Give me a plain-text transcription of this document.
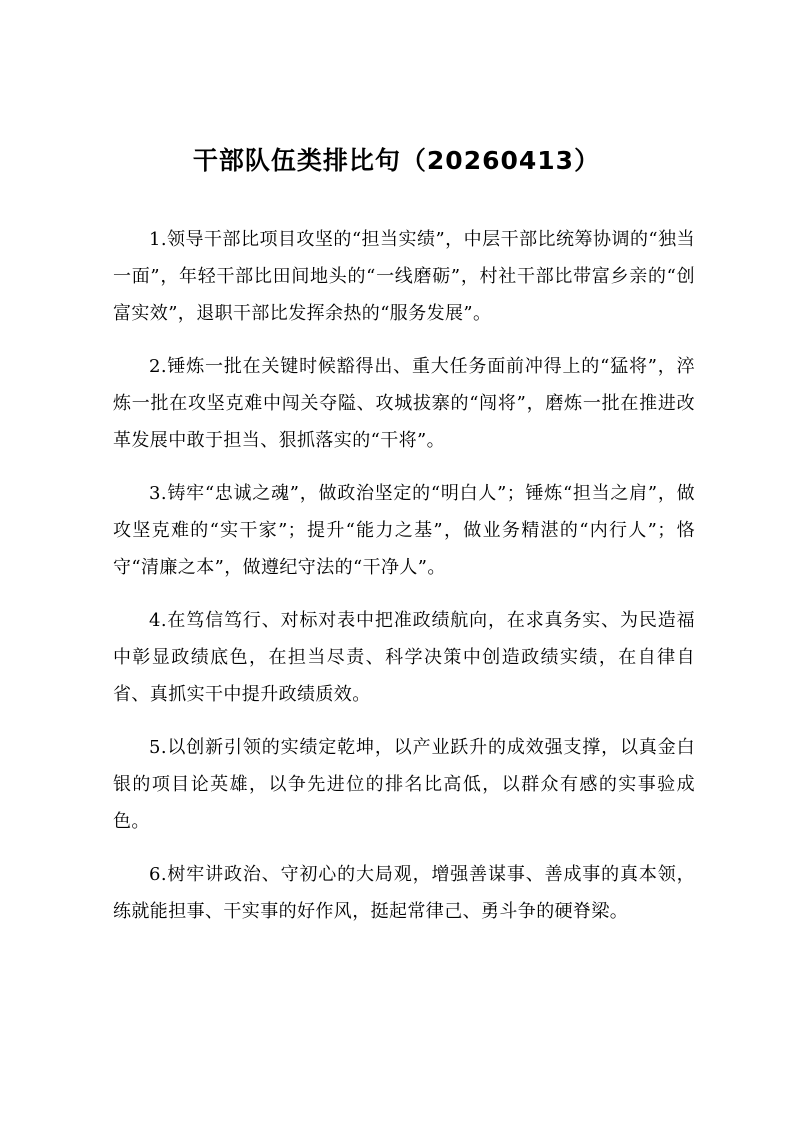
干部队伍类排比句（20260413）

1.领导干部比项目攻坚的“担当实绩”，中层干部比统筹协调的“独当一面”，年轻干部比田间地头的“一线磨砺”，村社干部比带富乡亲的“创富实效”，退职干部比发挥余热的“服务发展”。

2.锤炼一批在关键时候豁得出、重大任务面前冲得上的“猛将”，淬炼一批在攻坚克难中闯关夺隘、攻城拔寨的“闯将”，磨炼一批在推进改革发展中敢于担当、狠抓落实的“干将”。

3.铸牢“忠诚之魂”，做政治坚定的“明白人”；锤炼“担当之肩”，做攻坚克难的“实干家”；提升“能力之基”，做业务精湛的“内行人”；恪守“清廉之本”，做遵纪守法的“干净人”。

4.在笃信笃行、对标对表中把准政绩航向，在求真务实、为民造福中彰显政绩底色，在担当尽责、科学决策中创造政绩实绩，在自律自省、真抓实干中提升政绩质效。

5.以创新引领的实绩定乾坤，以产业跃升的成效强支撑，以真金白银的项目论英雄，以争先进位的排名比高低，以群众有感的实事验成色。

6.树牢讲政治、守初心的大局观，增强善谋事、善成事的真本领，练就能担事、干实事的好作风，挺起常律己、勇斗争的硬脊梁。
